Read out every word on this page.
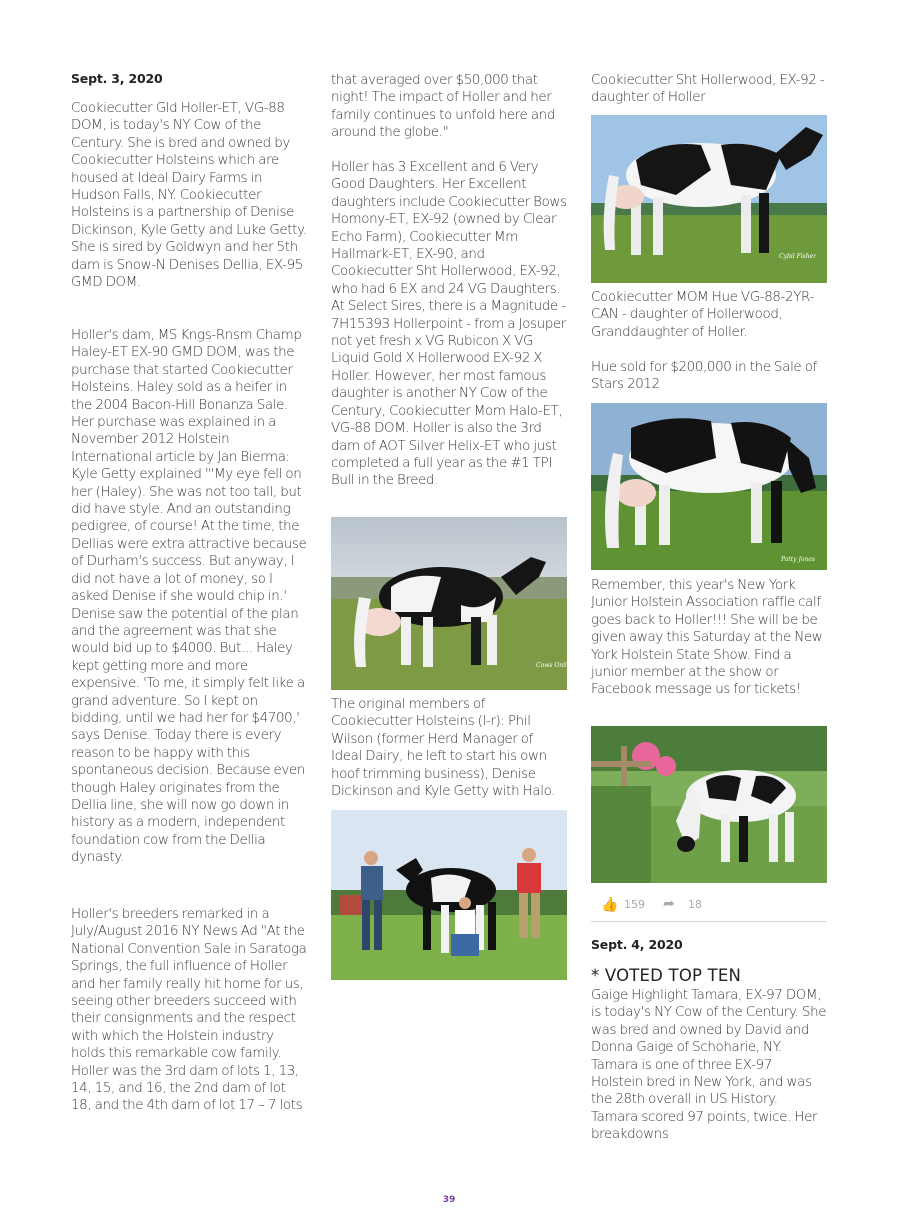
Sept. 3, 2020

Cookiecutter Gld Holler-ET, VG-88 DOM, is today's NY Cow of the Century. She is bred and owned by Cookiecutter Holsteins which are housed at Ideal Dairy Farms in Hudson Falls, NY. Cookiecutter Holsteins is a partnership of Denise Dickinson, Kyle Getty and Luke Getty. She is sired by Goldwyn and her 5th dam is Snow-N Denises Dellia, EX-95 GMD DOM.

Holler's dam, MS Kngs-Rnsm Champ Haley-ET EX-90 GMD DOM, was the purchase that started Cookiecutter Holsteins. Haley sold as a heifer in the 2004 Bacon-Hill Bonanza Sale. Her purchase was explained in a November 2012 Holstein International article by Jan Bierma: Kyle Getty explained "'My eye fell on her (Haley). She was not too tall, but did have style. And an outstanding pedigree, of course! At the time, the Dellias were extra attractive because of Durham's success. But anyway, I did not have a lot of money, so I asked Denise if she would chip in.' Denise saw the potential of the plan and the agreement was that she would bid up to $4000. But... Haley kept getting more and more expensive. 'To me, it simply felt like a grand adventure. So I kept on bidding, until we had her for $4700,' says Denise. Today there is every reason to be happy with this spontaneous decision. Because even though Haley originates from the Dellia line, she will now go down in history as a modern, independent foundation cow from the Dellia dynasty.

Holler's breeders remarked in a July/August 2016 NY News Ad "At the National Convention Sale in Saratoga Springs, the full influence of Holler and her family really hit home for us, seeing other breeders succeed with their consignments and the respect with which the Holstein industry holds this remarkable cow family. Holler was the 3rd dam of lots 1, 13, 14, 15, and 16, the 2nd dam of lot 18, and the 4th dam of lot 17 – 7 lots

that averaged over $50,000 that night! The impact of Holler and her family continues to unfold here and around the globe."

Holler has 3 Excellent and 6 Very Good Daughters. Her Excellent daughters include Cookiecutter Bows Homony-ET, EX-92 (owned by Clear Echo Farm), Cookiecutter Mm Hallmark-ET, EX-90, and Cookiecutter Sht Hollerwood, EX-92, who had 6 EX and 24 VG Daughters. At Select Sires, there is a Magnitude - 7H15393 Hollerpoint - from a Josuper not yet fresh x VG Rubicon X VG Liquid Gold X Hollerwood EX-92 X Holler. However, her most famous daughter is another NY Cow of the Century, Cookiecutter Mom Halo-ET, VG-88 DOM. Holler is also the 3rd dam of AOT Silver Helix-ET who just completed a full year as the #1 TPI Bull in the Breed.

Cows Online

The original members of Cookiecutter Holsteins (l-r): Phil Wilson (former Herd Manager of Ideal Dairy, he left to start his own hoof trimming business), Denise Dickinson and Kyle Getty with Halo.

Cookiecutter Sht Hollerwood, EX-92 - daughter of Holler

Cybil Fisher

Cookiecutter MOM Hue VG-88-2YR-CAN - daughter of Hollerwood, Granddaughter of Holler.

Hue sold for $200,000 in the Sale of Stars 2012

Patty Jones

Remember, this year's New York Junior Holstein Association raffle calf goes back to Holler!!! She will be be given away this Saturday at the New York Holstein State Show. Find a junior member at the show or Facebook message us for tickets!

👍 159 ➦ 18
Sept. 4, 2020
* VOTED TOP TEN

Gaige Highlight Tamara, EX-97 DOM, is today's NY Cow of the Century. She was bred and owned by David and Donna Gaige of Schoharie, NY. Tamara is one of three EX-97 Holstein bred in New York, and was the 28th overall in US History. Tamara scored 97 points, twice. Her breakdowns

39
